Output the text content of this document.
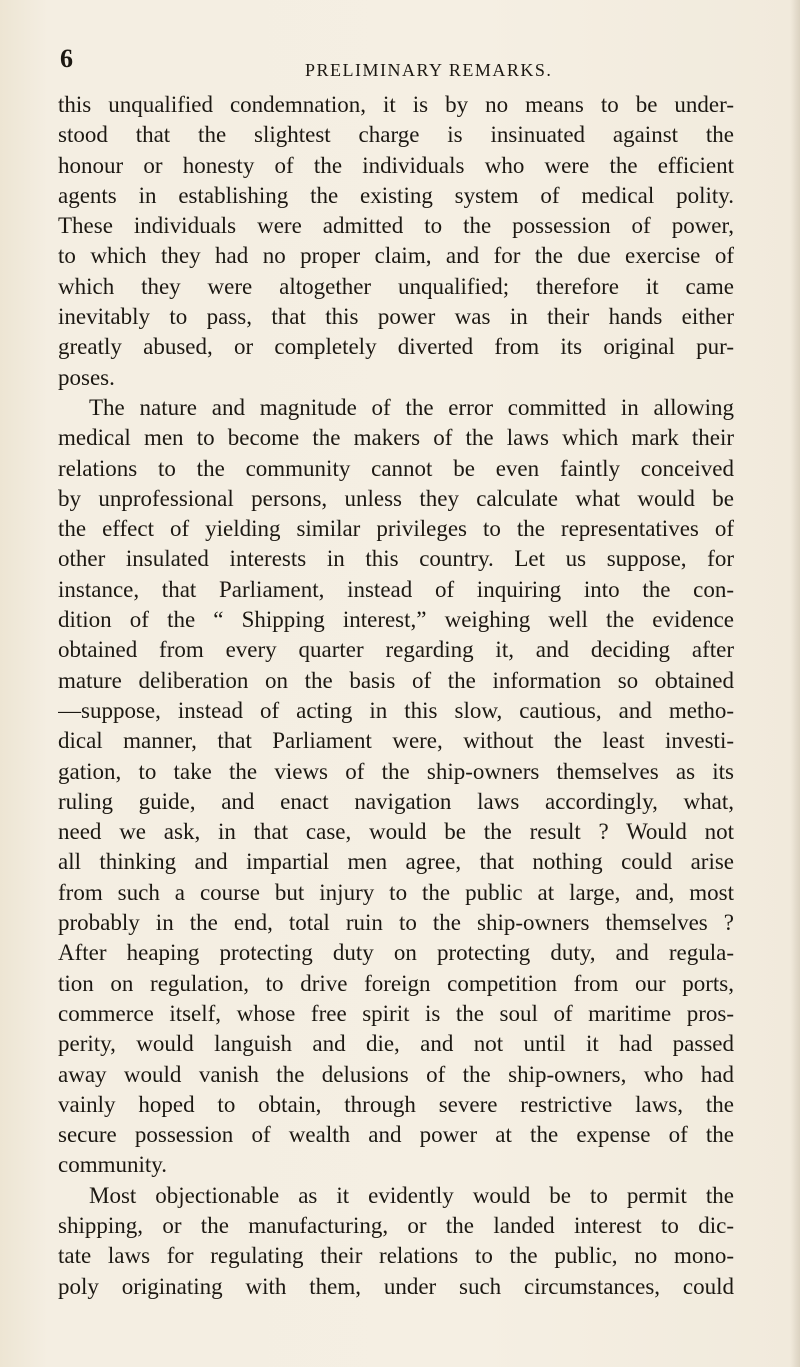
6	PRELIMINARY REMARKS.
this unqualified condemnation, it is by no means to be under-
stood that the slightest charge is insinuated against the
honour or honesty of the individuals who were the efficient
agents in establishing the existing system of medical polity.
These individuals were admitted to the possession of power,
to which they had no proper claim, and for the due exercise of
which they were altogether unqualified; therefore it came
inevitably to pass, that this power was in their hands either
greatly abused, or completely diverted from its original pur-
poses.
The nature and magnitude of the error committed in allowing
medical men to become the makers of the laws which mark their
relations to the community cannot be even faintly conceived
by unprofessional persons, unless they calculate what would be
the effect of yielding similar privileges to the representatives of
other insulated interests in this country. Let us suppose, for
instance, that Parliament, instead of inquiring into the con-
dition of the “ Shipping interest,” weighing well the evidence
obtained from every quarter regarding it, and deciding after
mature deliberation on the basis of the information so obtained
—suppose, instead of acting in this slow, cautious, and metho-
dical manner, that Parliament were, without the least investi-
gation, to take the views of the ship-owners themselves as its
ruling guide, and enact navigation laws accordingly, what,
need we ask, in that case, would be the result ? Would not
all thinking and impartial men agree, that nothing could arise
from such a course but injury to the public at large, and, most
probably in the end, total ruin to the ship-owners themselves ?
After heaping protecting duty on protecting duty, and regula-
tion on regulation, to drive foreign competition from our ports,
commerce itself, whose free spirit is the soul of maritime pros-
perity, would languish and die, and not until it had passed
away would vanish the delusions of the ship-owners, who had
vainly hoped to obtain, through severe restrictive laws, the
secure possession of wealth and power at the expense of the
community.
Most objectionable as it evidently would be to permit the
shipping, or the manufacturing, or the landed interest to dic-
tate laws for regulating their relations to the public, no mono-
poly originating with them, under such circumstances, could
